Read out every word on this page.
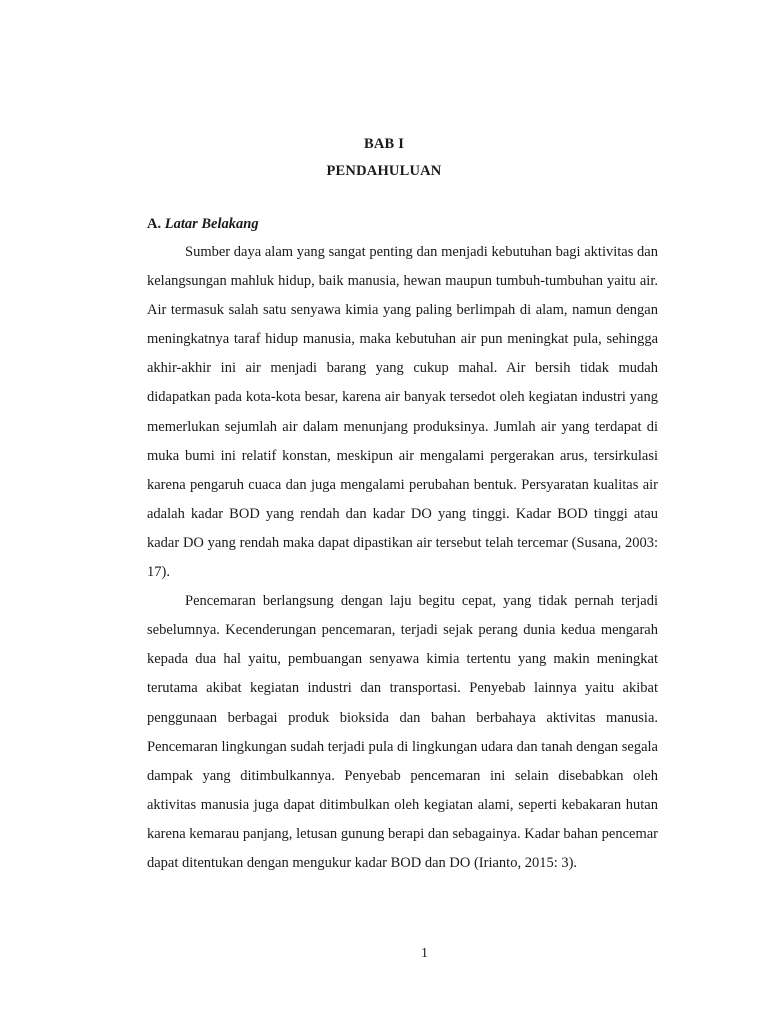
BAB I
PENDAHULUAN
A. Latar Belakang

Sumber daya alam yang sangat penting dan menjadi kebutuhan bagi aktivitas dan kelangsungan mahluk hidup, baik manusia, hewan maupun tumbuh-tumbuhan yaitu air. Air termasuk salah satu senyawa kimia yang paling berlimpah di alam, namun dengan meningkatnya taraf hidup manusia, maka kebutuhan air pun meningkat pula, sehingga akhir-akhir ini air menjadi barang yang cukup mahal. Air bersih tidak mudah didapatkan pada kota-kota besar, karena air banyak tersedot oleh kegiatan industri yang memerlukan sejumlah air dalam menunjang produksinya. Jumlah air yang terdapat di muka bumi ini relatif konstan, meskipun air mengalami pergerakan arus, tersirkulasi karena pengaruh cuaca dan juga mengalami perubahan bentuk. Persyaratan kualitas air adalah kadar BOD yang rendah dan kadar DO yang tinggi. Kadar BOD tinggi atau kadar DO yang rendah maka dapat dipastikan air tersebut telah tercemar (Susana, 2003: 17).

Pencemaran berlangsung dengan laju begitu cepat, yang tidak pernah terjadi sebelumnya. Kecenderungan pencemaran, terjadi sejak perang dunia kedua mengarah kepada dua hal yaitu, pembuangan senyawa kimia tertentu yang makin meningkat terutama akibat kegiatan industri dan transportasi. Penyebab lainnya yaitu akibat penggunaan berbagai produk bioksida dan bahan berbahaya aktivitas manusia. Pencemaran lingkungan sudah terjadi pula di lingkungan udara dan tanah dengan segala dampak yang ditimbulkannya. Penyebab pencemaran ini selain disebabkan oleh aktivitas manusia juga dapat ditimbulkan oleh kegiatan alami, seperti kebakaran hutan karena kemarau panjang, letusan gunung berapi dan sebagainya. Kadar bahan pencemar dapat ditentukan dengan mengukur kadar BOD dan DO (Irianto, 2015: 3).

1
